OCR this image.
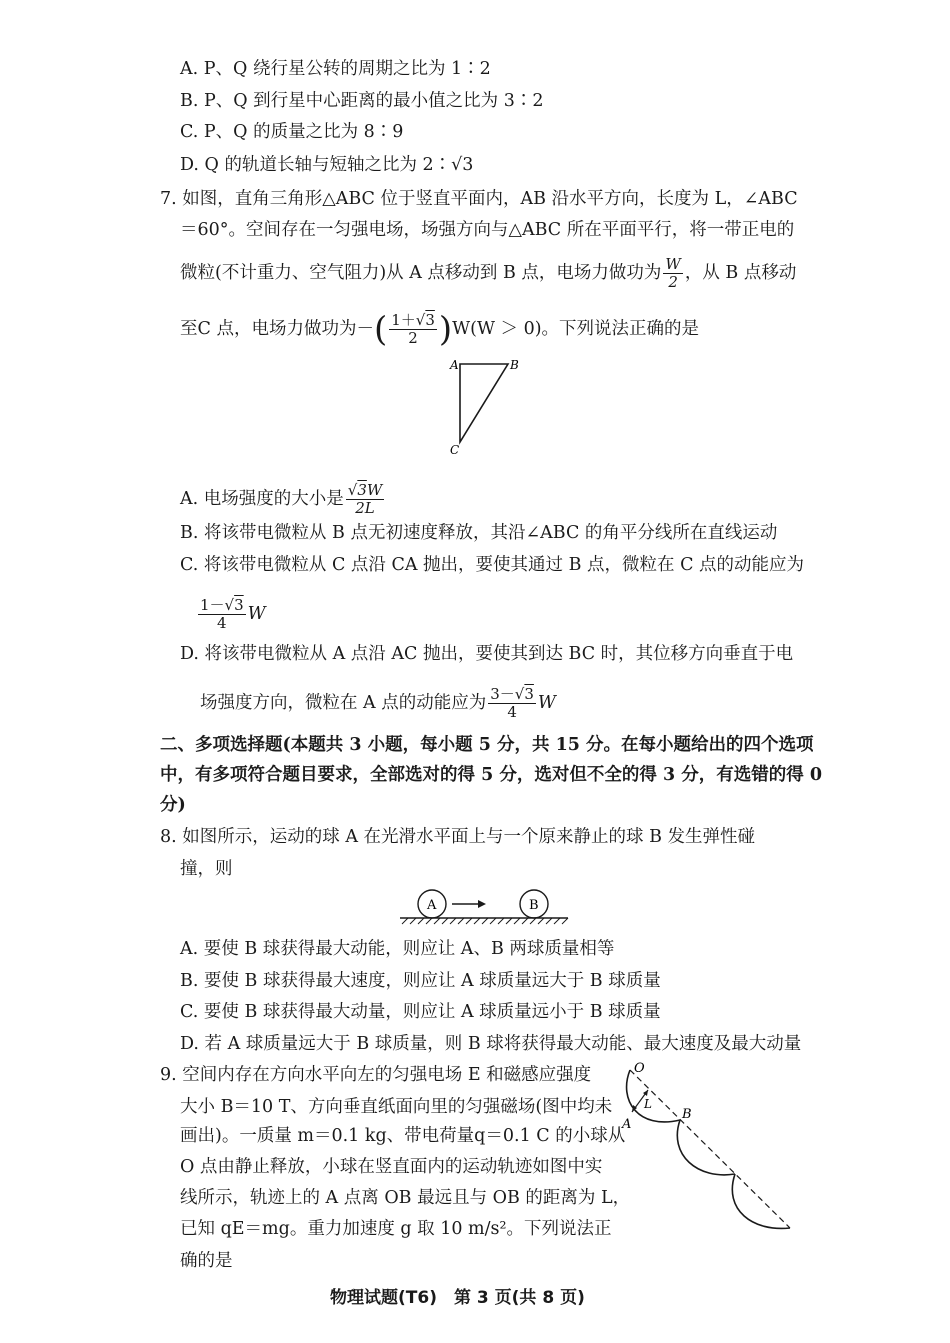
A. P、Q 绕行星公转的周期之比为 1∶2
B. P、Q 到行星中心距离的最小值之比为 3∶2
C. P、Q 的质量之比为 8∶9
D. Q 的轨道长轴与短轴之比为 2∶√3
7. 如图，直角三角形△ABC 位于竖直平面内，AB 沿水平方向，长度为 L，∠ABC
＝60°。空间存在一匀强电场，场强方向与△ABC 所在平面平行，将一带正电的
微粒(不计重力、空气阻力)从 A 点移动到 B 点，电场力做功为 $\frac{W}{2}$ ，从 B 点移动
至C 点，电场力做功为－( $\frac{1+√3}{2} )W(W > 0)$。下列说法正确的是
A	B
C
A. 电场强度的大小是 $\frac{√3W}{2L}$
B. 将该带电微粒从 B 点无初速度释放，其沿∠ABC 的角平分线所在直线运动
C. 将该带电微粒从 C 点沿 CA 抛出，要使其通过 B 点，微粒在 C 点的动能应为
$\frac{1-√3}{4}$ W
D. 将该带电微粒从 A 点沿 AC 抛出，要使其到达 BC 时，其位移方向垂直于电
场强度方向，微粒在 A 点的动能应为 $\frac{3-√3}{4}$ W
二、多项选择题(本题共 3 小题，每小题 5 分，共 15 分。在每小题给出的四个选项
中，有多项符合题目要求，全部选对的得 5 分，选对但不全的得 3 分，有选错的得 0
分)
8. 如图所示，运动的球 A 在光滑水平面上与一个原来静止的球 B 发生弹性碰
撞，则
A	B
A. 要使 B 球获得最大动能，则应让 A、B 两球质量相等
B. 要使 B 球获得最大速度，则应让 A 球质量远大于 B 球质量
C. 要使 B 球获得最大动量，则应让 A 球质量远小于 B 球质量
D. 若 A 球质量远大于 B 球质量，则 B 球将获得最大动能、最大速度及最大动量
9. 空间内存在方向水平向左的匀强电场 E 和磁感应强度
大小 B＝10 T、方向垂直纸面向里的匀强磁场(图中均未
画出)。一质量 m＝0.1 kg、带电荷量q＝0.1 C 的小球从
O 点由静止释放，小球在竖直面内的运动轨迹如图中实
线所示，轨迹上的 A 点离 OB 最远且与 OB 的距离为 L，
已知 qE＝mg。重力加速度 g 取 10 m/s²。下列说法正
确的是
O
L
A
B
物理试题(T6)　第 3 页(共 8 页)
